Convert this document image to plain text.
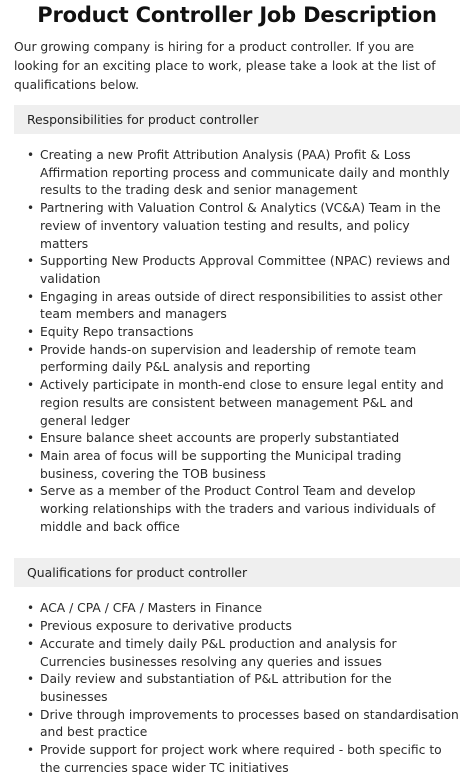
Product Controller Job Description

Our growing company is hiring for a product controller. If you are looking for an exciting place to work, please take a look at the list of qualifications below.

Responsibilities for product controller
• Creating a new Profit Attribution Analysis (PAA) Profit & Loss Affirmation reporting process and communicate daily and monthly results to the trading desk and senior management
• Partnering with Valuation Control & Analytics (VC&A) Team in the review of inventory valuation testing and results, and policy matters
• Supporting New Products Approval Committee (NPAC) reviews and validation
• Engaging in areas outside of direct responsibilities to assist other team members and managers
• Equity Repo transactions
• Provide hands-on supervision and leadership of remote team performing daily P&L analysis and reporting
• Actively participate in month-end close to ensure legal entity and region results are consistent between management P&L and general ledger
• Ensure balance sheet accounts are properly substantiated
• Main area of focus will be supporting the Municipal trading business, covering the TOB business
• Serve as a member of the Product Control Team and develop working relationships with the traders and various individuals of middle and back office
Qualifications for product controller
• ACA / CPA / CFA / Masters in Finance
• Previous exposure to derivative products
• Accurate and timely daily P&L production and analysis for Currencies businesses resolving any queries and issues
• Daily review and substantiation of P&L attribution for the businesses
• Drive through improvements to processes based on standardisation and best practice
• Provide support for project work where required - both specific to the currencies space wider TC initiatives
